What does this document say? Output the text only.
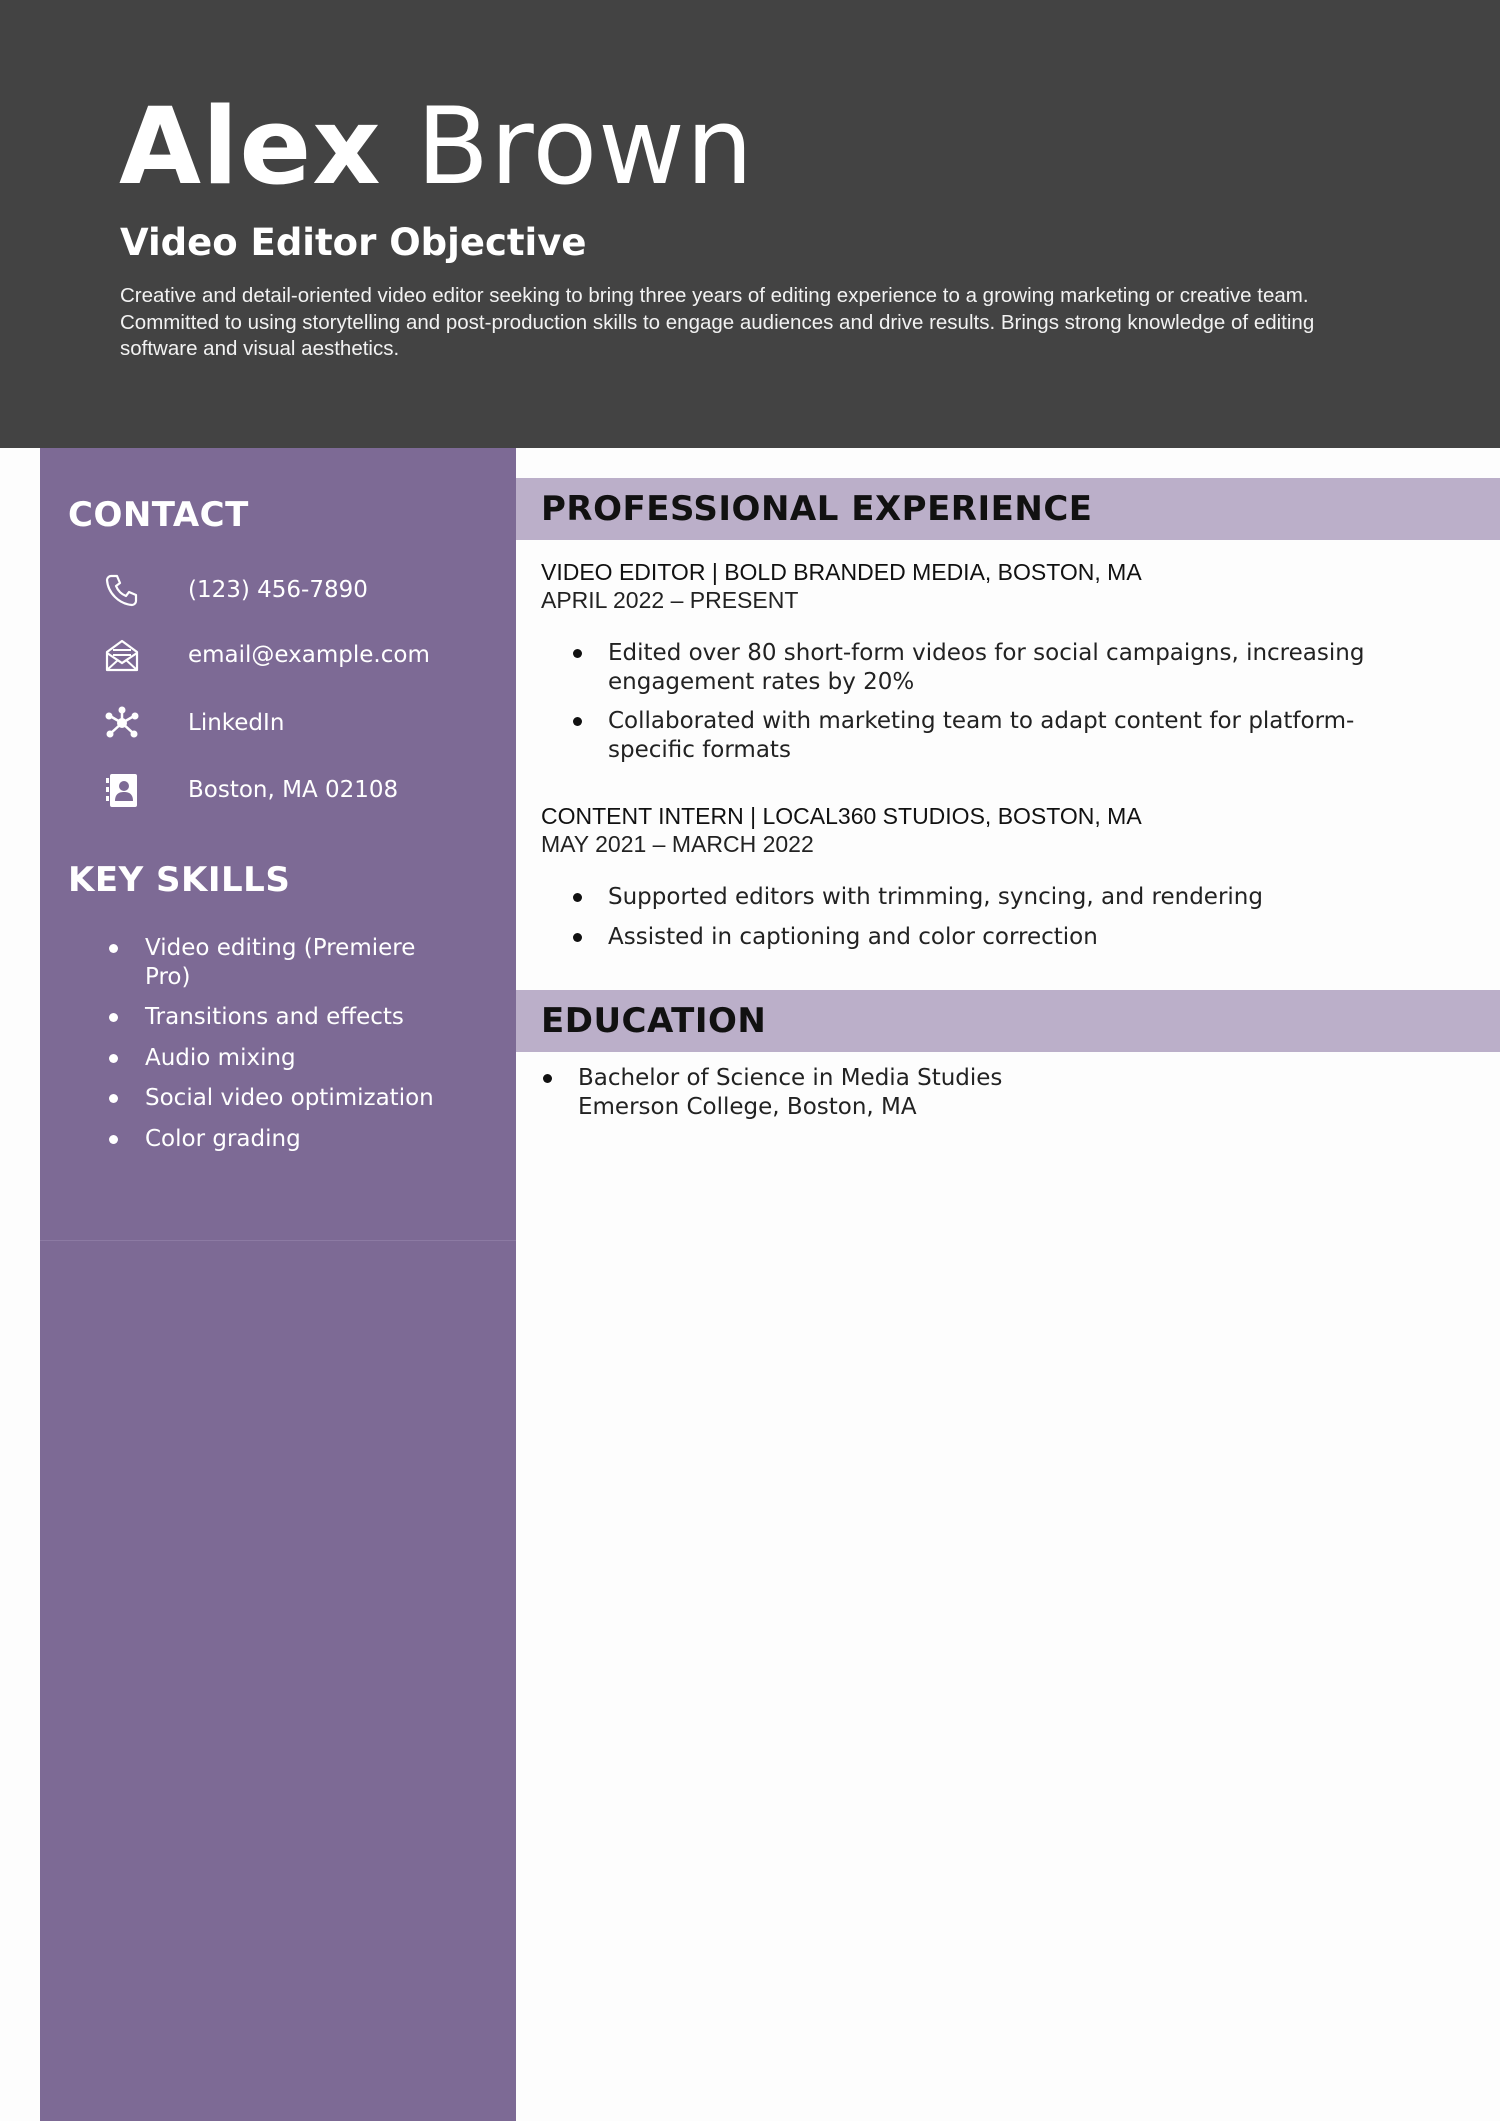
Alex Brown
Video Editor Objective
Creative and detail-oriented video editor seeking to bring three years of editing experience to a growing marketing or creative team. Committed to using storytelling and post-production skills to engage audiences and drive results. Brings strong knowledge of editing software and visual aesthetics.
CONTACT
(123) 456-7890
email@example.com
LinkedIn
Boston, MA 02108
KEY SKILLS
Video editing (Premiere Pro)
Transitions and effects
Audio mixing
Social video optimization
Color grading
PROFESSIONAL EXPERIENCE
VIDEO EDITOR | BOLD BRANDED MEDIA, BOSTON, MA
APRIL 2022 – PRESENT
Edited over 80 short-form videos for social campaigns, increasing engagement rates by 20%
Collaborated with marketing team to adapt content for platform-specific formats
CONTENT INTERN | LOCAL360 STUDIOS, BOSTON, MA
MAY 2021 – MARCH 2022
Supported editors with trimming, syncing, and rendering
Assisted in captioning and color correction
EDUCATION
Bachelor of Science in Media Studies
Emerson College, Boston, MA
